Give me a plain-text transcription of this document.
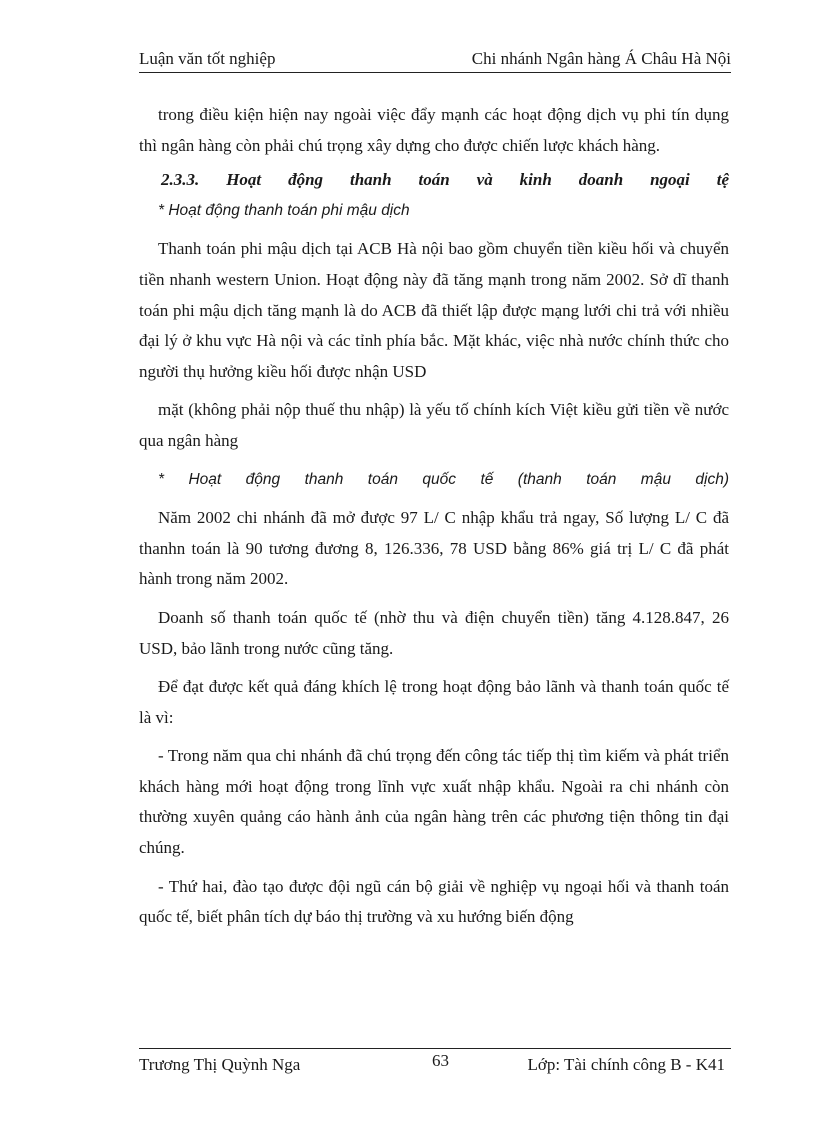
Luận văn tốt nghiệp	Chi nhánh Ngân hàng Á Châu Hà Nội

trong điều kiện hiện nay ngoài việc đẩy mạnh các hoạt động dịch vụ phi tín dụng thì ngân hàng còn phải chú trọng xây dựng cho được chiến lược khách hàng.

2.3.3. Hoạt động thanh toán và kinh doanh ngoại tệ

* Hoạt động thanh toán phi mậu dịch

Thanh toán phi mậu dịch tại ACB Hà nội bao gồm chuyển tiền kiều hối và chuyển tiền nhanh western Union. Hoạt động này đã tăng mạnh trong năm 2002. Sở dĩ thanh toán phi mậu dịch tăng mạnh là do ACB đã thiết lập được mạng lưới chi trả với nhiều đại lý ở khu vực Hà nội và các tỉnh phía bắc. Mặt khác, việc nhà nước chính thức cho người thụ hưởng kiều hối được nhận USD

mặt (không phải nộp thuế thu nhập) là yếu tố chính kích Việt kiều gửi tiền về nước qua ngân hàng

* Hoạt động thanh toán quốc tế (thanh toán mậu dịch)

Năm 2002 chi nhánh đã mở được 97 L/ C nhập khẩu trả ngay, Số lượng L/ C đã thanhn toán là 90 tương đương 8, 126.336, 78 USD bằng 86% giá trị L/ C đã phát hành trong năm 2002.

Doanh số thanh toán quốc tế (nhờ thu và điện chuyển tiền) tăng 4.128.847, 26 USD, bảo lãnh trong nước cũng tăng.

Để đạt được kết quả đáng khích lệ trong hoạt động bảo lãnh và thanh toán quốc tế là vì:

- Trong năm qua chi nhánh đã chú trọng đến công tác tiếp thị tìm kiếm và phát triển khách hàng mới hoạt động trong lĩnh vực xuất nhập khẩu. Ngoài ra chi nhánh còn thường xuyên quảng cáo hành ảnh của ngân hàng trên các phương tiện thông tin đại chúng.

- Thứ hai, đào tạo được đội ngũ cán bộ giải về nghiệp vụ ngoại hối và thanh toán quốc tế, biết phân tích dự báo thị trường và xu hướng biến động

Trương Thị Quỳnh Nga	63	Lớp: Tài chính công B - K41
